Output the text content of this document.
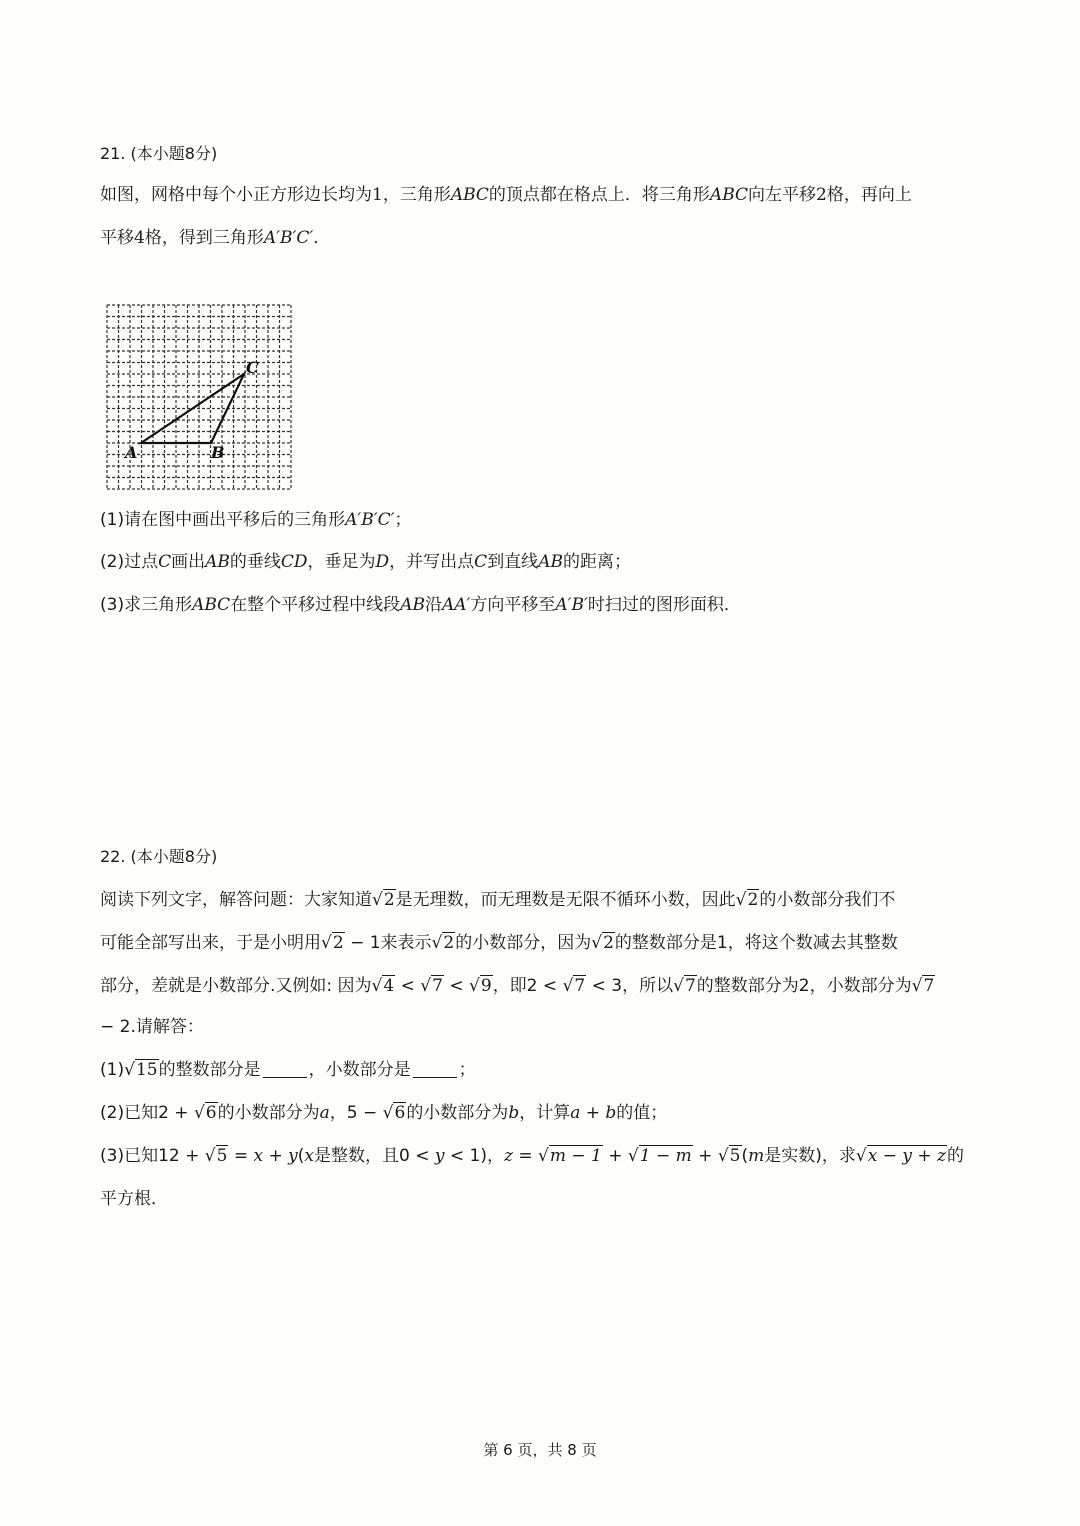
21. (本小题8分)
如图，网格中每个小正方形边长均为1，三角形ABC的顶点都在格点上．将三角形ABC向左平移2格，再向上
平移4格，得到三角形A′B′C′．
A	B
C
(1)请在图中画出平移后的三角形A′B′C′；
(2)过点C画出AB的垂线CD，垂足为D，并写出点C到直线AB的距离；
(3)求三角形ABC在整个平移过程中线段AB沿AA′方向平移至A′B′时扫过的图形面积．
22. (本小题8分)
阅读下列文字，解答问题：大家知道√2是无理数，而无理数是无限不循环小数，因此√2的小数部分我们不
可能全部写出来，于是小明用√2 − 1来表示√2的小数部分，因为√2的整数部分是1，将这个数减去其整数
部分，差就是小数部分.又例如: 因为√4 < √7 < √9，即2 < √7 < 3，所以√7的整数部分为2，小数部分为√7
− 2.请解答：
(1)√15的整数部分是	，小数部分是	；
(2)已知2 + √6的小数部分为a，5 − √6的小数部分为b，计算a + b的值；
(3)已知12 + √5 = x + y(x是整数，且0 < y < 1)，z = √m − 1 + √1 − m + √5(m是实数)，求√x − y + z的
平方根．
第 6 页，共 8 页
